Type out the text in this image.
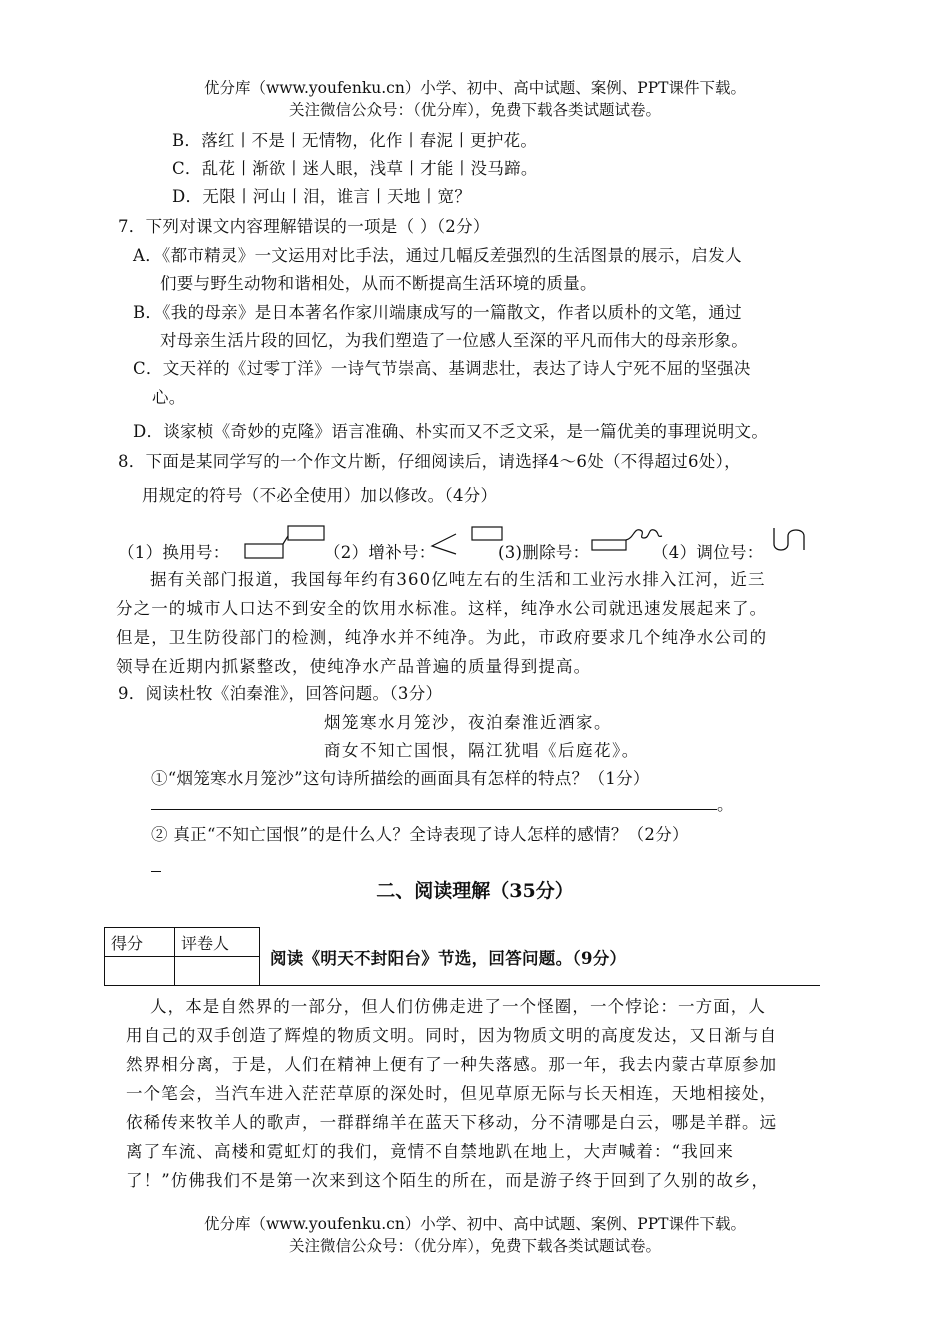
优分库（www.youfenku.cn）小学、初中、高中试题、案例、PPT课件下载。
关注微信公众号：（优分库），免费下载各类试题试卷。
B．落红丨不是丨无情物，化作丨春泥丨更护花。
C．乱花丨渐欲丨迷人眼，浅草丨才能丨没马蹄。
D．无限丨河山丨泪，谁言丨天地丨宽？
7．下列对课文内容理解错误的一项是（ ）（2分）
A．《都市精灵》一文运用对比手法，通过几幅反差强烈的生活图景的展示，启发人
们要与野生动物和谐相处，从而不断提高生活环境的质量。
B．《我的母亲》是日本著名作家川端康成写的一篇散文，作者以质朴的文笔，通过
对母亲生活片段的回忆，为我们塑造了一位感人至深的平凡而伟大的母亲形象。
C．文天祥的《过零丁洋》一诗气节崇高、基调悲壮，表达了诗人宁死不屈的坚强决
心。
D．谈家桢《奇妙的克隆》语言准确、朴实而又不乏文采，是一篇优美的事理说明文。
8．下面是某同学写的一个作文片断，仔细阅读后，请选择4～6处（不得超过6处），
用规定的符号（不必全使用）加以修改。（4分）
（1）换用号：	（2）增补号：	(3)删除号：	（4）调位号：
据有关部门报道，我国每年约有360亿吨左右的生活和工业污水排入江河，近三
分之一的城市人口达不到安全的饮用水标准。这样，纯净水公司就迅速发展起来了。
但是，卫生防役部门的检测，纯净水并不纯净。为此，市政府要求几个纯净水公司的
领导在近期内抓紧整改，使纯净水产品普遍的质量得到提高。
9．阅读杜牧《泊秦淮》，回答问题。（3分）
烟笼寒水月笼沙，夜泊秦淮近酒家。
商女不知亡国恨，隔江犹唱《后庭花》。
①“烟笼寒水月笼沙”这句诗所描绘的画面具有怎样的特点？（1分）
。
② 真正“不知亡国恨”的是什么人？全诗表现了诗人怎样的感情？（2分）
二、阅读理解（35分）
得分	评卷人

阅读《明天不封阳台》节选，回答问题。（9分）
人，本是自然界的一部分，但人们仿佛走进了一个怪圈，一个悖论：一方面，人
用自己的双手创造了辉煌的物质文明。同时，因为物质文明的高度发达，又日渐与自
然界相分离，于是，人们在精神上便有了一种失落感。那一年，我去内蒙古草原参加
一个笔会，当汽车进入茫茫草原的深处时，但见草原无际与长天相连，天地相接处，
依稀传来牧羊人的歌声，一群群绵羊在蓝天下移动，分不清哪是白云，哪是羊群。远
离了车流、高楼和霓虹灯的我们，竟情不自禁地趴在地上，大声喊着：“我回来
了！”仿佛我们不是第一次来到这个陌生的所在，而是游子终于回到了久别的故乡，
优分库（www.youfenku.cn）小学、初中、高中试题、案例、PPT课件下载。
关注微信公众号：（优分库），免费下载各类试题试卷。
